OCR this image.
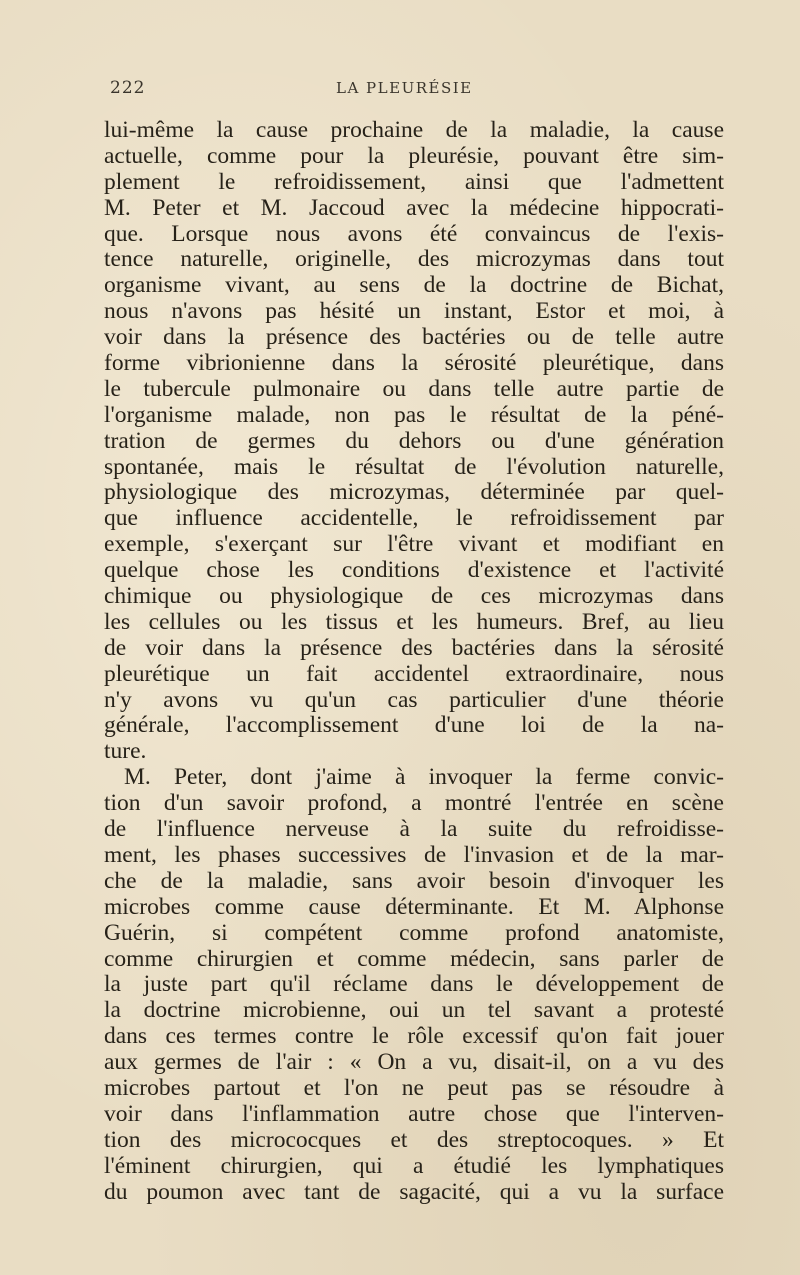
222	LA PLEURÉSIE
lui-même la cause prochaine de la maladie, la cause
actuelle, comme pour la pleurésie, pouvant être sim-
plement le refroidissement, ainsi que l'admettent
M. Peter et M. Jaccoud avec la médecine hippocrati-
que. Lorsque nous avons été convaincus de l'exis-
tence naturelle, originelle, des microzymas dans tout
organisme vivant, au sens de la doctrine de Bichat,
nous n'avons pas hésité un instant, Estor et moi, à
voir dans la présence des bactéries ou de telle autre
forme vibrionienne dans la sérosité pleurétique, dans
le tubercule pulmonaire ou dans telle autre partie de
l'organisme malade, non pas le résultat de la péné-
tration de germes du dehors ou d'une génération
spontanée, mais le résultat de l'évolution naturelle,
physiologique des microzymas, déterminée par quel-
que influence accidentelle, le refroidissement par
exemple, s'exerçant sur l'être vivant et modifiant en
quelque chose les conditions d'existence et l'activité
chimique ou physiologique de ces microzymas dans
les cellules ou les tissus et les humeurs. Bref, au lieu
de voir dans la présence des bactéries dans la sérosité
pleurétique un fait accidentel extraordinaire, nous
n'y avons vu qu'un cas particulier d'une théorie
générale, l'accomplissement d'une loi de la na-
ture.
M. Peter, dont j'aime à invoquer la ferme convic-
tion d'un savoir profond, a montré l'entrée en scène
de l'influence nerveuse à la suite du refroidisse-
ment, les phases successives de l'invasion et de la mar-
che de la maladie, sans avoir besoin d'invoquer les
microbes comme cause déterminante. Et M. Alphonse
Guérin, si compétent comme profond anatomiste,
comme chirurgien et comme médecin, sans parler de
la juste part qu'il réclame dans le développement de
la doctrine microbienne, oui un tel savant a protesté
dans ces termes contre le rôle excessif qu'on fait jouer
aux germes de l'air : « On a vu, disait-il, on a vu des
microbes partout et l'on ne peut pas se résoudre à
voir dans l'inflammation autre chose que l'interven-
tion des micrococques et des streptocoques. » Et
l'éminent chirurgien, qui a étudié les lymphatiques
du poumon avec tant de sagacité, qui a vu la surface
